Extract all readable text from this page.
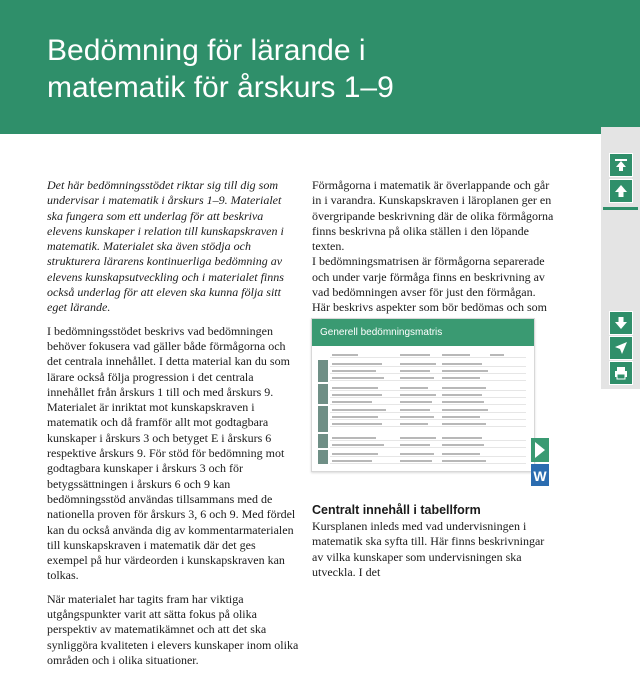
Bedömning för lärande i
matematik för årskurs 1–9

Det här bedömningsstödet riktar sig till dig som undervisar i matematik i årskurs 1–9. Materialet ska fungera som ett underlag för att beskriva elevens kunskaper i relation till kunskapskraven i matematik. Materialet ska även stödja och strukturera lärarens kontinuerliga bedömning av elevens kunskapsutveckling och i materialet finns också underlag för att eleven ska kunna följa sitt eget lärande.

I bedömningsstödet beskrivs vad bedömningen behöver fokusera vad gäller både förmågorna och det centrala innehållet. I detta material kan du som lärare också följa progression i det centrala innehållet från årskurs 1 till och med årskurs 9. Materialet är inriktat mot kunskapskraven i matematik och då framför allt mot godtagbara kunskaper i årskurs 3 och betyget E i årskurs 6 respektive årskurs 9. För stöd för bedömning mot godtagbara kunskaper i årskurs 3 och för betygssättningen i årskurs 6 och 9 kan bedömningsstöd användas tillsammans med de nationella proven för årskurs 3, 6 och 9. Med fördel kan du också använda dig av kommentarmaterialen till kunskapskraven i matematik där det ges exempel på hur värdeorden i kunskapskraven kan tolkas.

När materialet har tagits fram har viktiga utgångspunkter varit att sätta fokus på olika perspektiv av matematikämnet och att det ska synliggöra kvaliteten i elevers kunskaper inom olika områden och i olika situationer.

Förmågorna i matematik är överlappande och går in i varandra. Kunskapskraven i läroplanen ger en övergripande beskrivning där de olika förmågorna finns beskrivna på olika ställen i den löpande texten.

I bedömningsmatrisen är förmågorna separerade och under varje förmåga finns en beskrivning av vad bedömningen avser för just den förmågan. Här beskrivs aspekter som bör bedömas och som

Generell bedömningsmatris
W
Centralt innehåll i tabellform

Kursplanen inleds med vad undervisningen i matematik ska syfta till. Här finns beskrivningar av vilka kunskaper som undervisningen ska utveckla. I det
